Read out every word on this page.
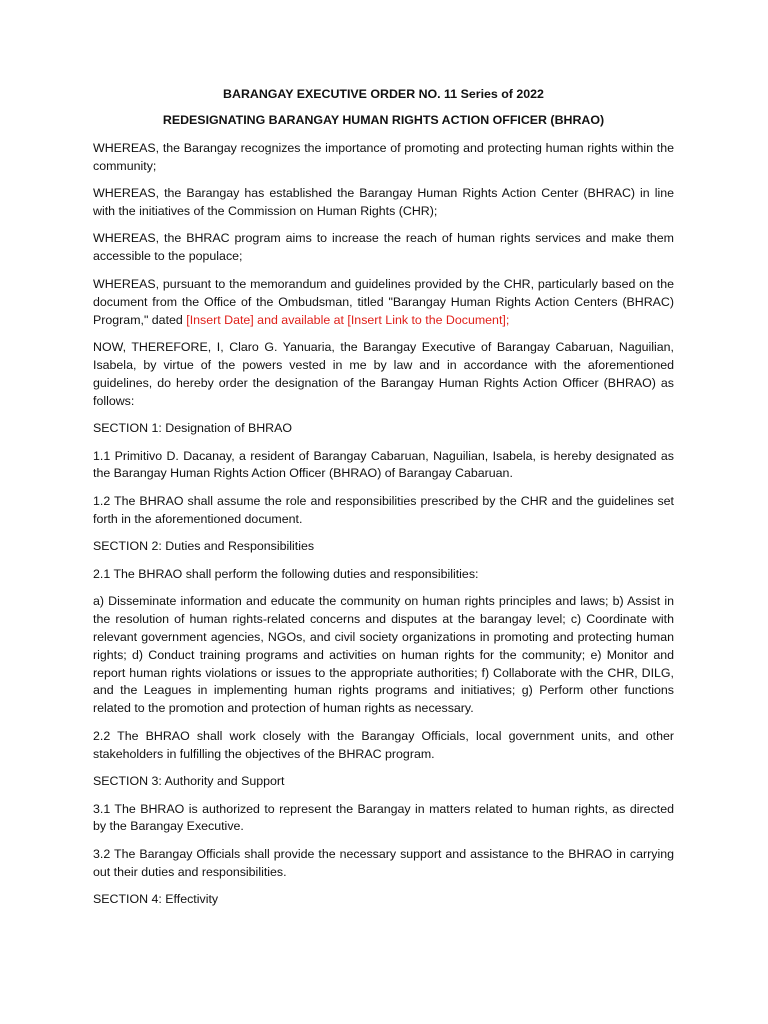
BARANGAY EXECUTIVE ORDER NO. 11 Series of 2022
REDESIGNATING BARANGAY HUMAN RIGHTS ACTION OFFICER (BHRAO)
WHEREAS, the Barangay recognizes the importance of promoting and protecting human rights within the community;
WHEREAS, the Barangay has established the Barangay Human Rights Action Center (BHRAC) in line with the initiatives of the Commission on Human Rights (CHR);
WHEREAS, the BHRAC program aims to increase the reach of human rights services and make them accessible to the populace;
WHEREAS, pursuant to the memorandum and guidelines provided by the CHR, particularly based on the document from the Office of the Ombudsman, titled "Barangay Human Rights Action Centers (BHRAC) Program," dated [Insert Date] and available at [Insert Link to the Document];
NOW, THEREFORE, I, Claro G. Yanuaria, the Barangay Executive of Barangay Cabaruan, Naguilian, Isabela, by virtue of the powers vested in me by law and in accordance with the aforementioned guidelines, do hereby order the designation of the Barangay Human Rights Action Officer (BHRAO) as follows:
SECTION 1: Designation of BHRAO
1.1 Primitivo D. Dacanay, a resident of Barangay Cabaruan, Naguilian, Isabela, is hereby designated as the Barangay Human Rights Action Officer (BHRAO) of Barangay Cabaruan.
1.2 The BHRAO shall assume the role and responsibilities prescribed by the CHR and the guidelines set forth in the aforementioned document.
SECTION 2: Duties and Responsibilities
2.1 The BHRAO shall perform the following duties and responsibilities:
a) Disseminate information and educate the community on human rights principles and laws; b) Assist in the resolution of human rights-related concerns and disputes at the barangay level; c) Coordinate with relevant government agencies, NGOs, and civil society organizations in promoting and protecting human rights; d) Conduct training programs and activities on human rights for the community; e) Monitor and report human rights violations or issues to the appropriate authorities; f) Collaborate with the CHR, DILG, and the Leagues in implementing human rights programs and initiatives; g) Perform other functions related to the promotion and protection of human rights as necessary.
2.2 The BHRAO shall work closely with the Barangay Officials, local government units, and other stakeholders in fulfilling the objectives of the BHRAC program.
SECTION 3: Authority and Support
3.1 The BHRAO is authorized to represent the Barangay in matters related to human rights, as directed by the Barangay Executive.
3.2 The Barangay Officials shall provide the necessary support and assistance to the BHRAO in carrying out their duties and responsibilities.
SECTION 4: Effectivity
